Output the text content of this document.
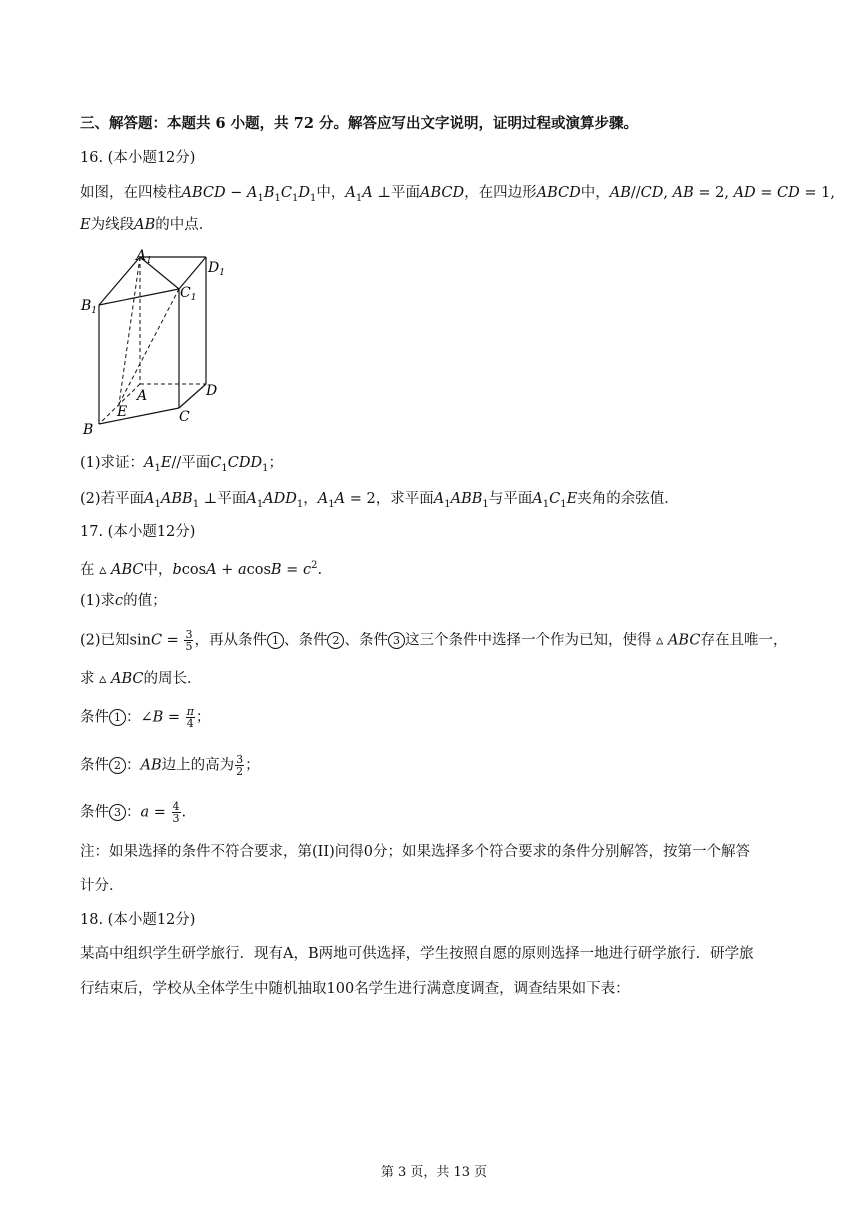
三、解答题：本题共 6 小题，共 72 分。解答应写出文字说明，证明过程或演算步骤。
16. (本小题12分)
如图，在四棱柱ABCD − $A_1B_1C_1D_1$中，$A_1A$ ⊥平面ABCD，在四边形ABCD中，AB//CD, AB = 2, AD = CD = 1,
E为线段AB的中点．
$A_1$	$D_1$
$C_1$
$B_1$
A	D
C
E
B
(1)求证：$A_1E//$平面$C_1CDD_1$；
(2)若平面$A_1ABB_1$ ⊥平面$A_1ADD_1$，$A_1A = 2$，求平面$A_1ABB_1$与平面$A_1C_1E$夹角的余弦值．
17. (本小题12分)
在 ▵ ABC中，$bcosA + acosB = c^2$.
(1)求c的值；
(2)已知$\sin C = \frac{3}{5}$ ，再从条件 1 、条件 2 、条件 3 这三个条件中选择一个作为已知，使得 ▵ ABC存在且唯一，
求 ▵ ABC的周长．
条件 1 ：∠B = $\frac{\pi}{4}$ ；
条件 2 ：AB边上的高为 $\frac{3}{2}$ ；
条件 3 ：$a = \frac{4}{3}$ .
注：如果选择的条件不符合要求，第(II)问得0分；如果选择多个符合要求的条件分别解答，按第一个解答
计分．
18. (本小题12分)
某高中组织学生研学旅行．现有A，B两地可供选择，学生按照自愿的原则选择一地进行研学旅行．研学旅
行结束后，学校从全体学生中随机抽取100名学生进行满意度调查，调查结果如下表：
第 3 页，共 13 页
